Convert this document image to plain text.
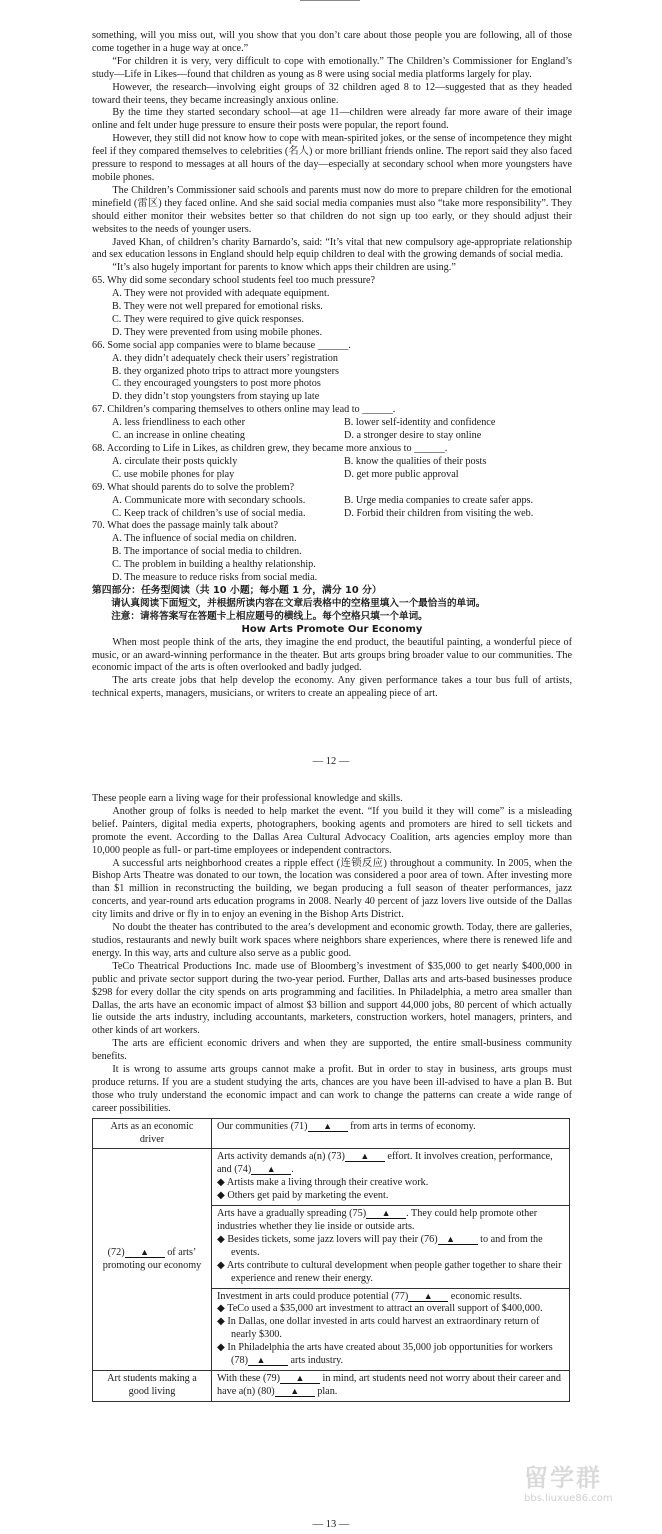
something, will you miss out, will you show that you don’t care about those people you are following, all of those come together in a huge way at once.”

“For children it is very, very difficult to cope with emotionally.” The Children’s Commissioner for England’s study—Life in Likes—found that children as young as 8 were using social media platforms largely for play.

However, the research—involving eight groups of 32 children aged 8 to 12—suggested that as they headed toward their teens, they became increasingly anxious online.

By the time they started secondary school—at age 11—children were already far more aware of their image online and felt under huge pressure to ensure their posts were popular, the report found.

However, they still did not know how to cope with mean-spirited jokes, or the sense of incompetence they might feel if they compared themselves to celebrities (名人) or more brilliant friends online. The report said they also faced pressure to respond to messages at all hours of the day—especially at secondary school when more youngsters have mobile phones.

The Children’s Commissioner said schools and parents must now do more to prepare children for the emotional minefield (雷区) they faced online. And she said social media companies must also “take more responsibility”. They should either monitor their websites better so that children do not sign up too early, or they should adjust their websites to the needs of younger users.

Javed Khan, of children’s charity Barnardo’s, said: “It’s vital that new compulsory age-appropriate relationship and sex education lessons in England should help equip children to deal with the growing demands of social media.

“It’s also hugely important for parents to know which apps their children are using.”

65. Why did some secondary school students feel too much pressure?

A. They were not provided with adequate equipment.

B. They were not well prepared for emotional risks.

C. They were required to give quick responses.

D. They were prevented from using mobile phones.

66. Some social app companies were to blame because ______.

A. they didn’t adequately check their users’ registration

B. they organized photo trips to attract more youngsters

C. they encouraged youngsters to post more photos

D. they didn’t stop youngsters from staying up late

67. Children’s comparing themselves to others online may lead to ______.

A. less friendliness to each other	B. lower self-identity and confidence
C. an increase in online cheating	D. a stronger desire to stay online

68. According to Life in Likes, as children grew, they became more anxious to ______.

A. circulate their posts quickly	B. know the qualities of their posts
C. use mobile phones for play	D. get more public approval

69. What should parents do to solve the problem?

A. Communicate more with secondary schools.	B. Urge media companies to create safer apps.
C. Keep track of children’s use of social media.	D. Forbid their children from visiting the web.

70. What does the passage mainly talk about?

A. The influence of social media on children.

B. The importance of social media to children.

C. The problem in building a healthy relationship.

D. The measure to reduce risks from social media.

第四部分：任务型阅读（共 10 小题；每小题 1 分，满分 10 分）

请认真阅读下面短文，并根据所读内容在文章后表格中的空格里填入一个最恰当的单词。

注意：请将答案写在答题卡上相应题号的横线上。每个空格只填一个单词。

How Arts Promote Our Economy

When most people think of the arts, they imagine the end product, the beautiful painting, a wonderful piece of music, or an award-winning performance in the theater. But arts groups bring broader value to our communities. The economic impact of the arts is often overlooked and badly judged.

The arts create jobs that help develop the economy. Any given performance takes a tour bus full of artists, technical experts, managers, musicians, or writers to create an appealing piece of art.

— 12 —

These people earn a living wage for their professional knowledge and skills.

Another group of folks is needed to help market the event. “If you build it they will come” is a misleading belief. Painters, digital media experts, photographers, booking agents and promoters are hired to sell tickets and promote the event. According to the Dallas Area Cultural Advocacy Coalition, arts agencies employ more than 10,000 people as full- or part-time employees or independent contractors.

A successful arts neighborhood creates a ripple effect (连锁反应) throughout a community. In 2005, when the Bishop Arts Theatre was donated to our town, the location was considered a poor area of town. After investing more than $1 million in reconstructing the building, we began producing a full season of theater performances, jazz concerts, and year-round arts education programs in 2008. Nearly 40 percent of jazz lovers live outside of the Dallas city limits and drive or fly in to enjoy an evening in the Bishop Arts District.

No doubt the theater has contributed to the area’s development and economic growth. Today, there are galleries, studios, restaurants and newly built work spaces where neighbors share experiences, where there is renewed life and energy. In this way, arts and culture also serve as a public good.

TeCo Theatrical Productions Inc. made use of Bloomberg’s investment of $35,000 to get nearly $400,000 in public and private sector support during the two-year period. Further, Dallas arts and arts-based businesses produce $298 for every dollar the city spends on arts programming and facilities. In Philadelphia, a metro area smaller than Dallas, the arts have an economic impact of almost $3 billion and support 44,000 jobs, 80 percent of which actually lie outside the arts industry, including accountants, marketers, construction workers, hotel managers, printers, and other kinds of art workers.

The arts are efficient economic drivers and when they are supported, the entire small-business community benefits.

It is wrong to assume arts groups cannot make a profit. But in order to stay in business, arts groups must produce returns. If you are a student studying the arts, chances are you have been ill-advised to have a plan B. But those who truly understand the economic impact and can work to change the patterns can create a wide range of career possibilities.

Arts as an economic driver	Our communities (71) ▲ from arts in terms of economy.
(72) ▲ of arts’ promoting our economy	Arts activity demands a(n) (73) ▲ effort. It involves creation, performance, and (74) ▲ .
◆ Artists make a living through their creative work.
◆ Others get paid by marketing the event.

	Arts have a gradually spreading (75) ▲ . They could help promote other industries whether they lie inside or outside arts.
◆ Besides tickets, some jazz lovers will pay their (76) ▲ to and from the events.
◆ Arts contribute to cultural development when people gather together to share their experience and renew their energy.

	Investment in arts could produce potential (77) ▲ economic results.
◆ TeCo used a $35,000 art investment to attract an overall support of $400,000.
◆ In Dallas, one dollar invested in arts could harvest an extraordinary return of nearly $300.
◆ In Philadelphia the arts have created about 35,000 job opportunities for workers (78) ▲ arts industry.

Art students making a good living	With these (79) ▲ in mind, art students need not worry about their career and have a(n) (80) ▲ plan.
— 13 —
留学群
bbs.liuxue86.com
